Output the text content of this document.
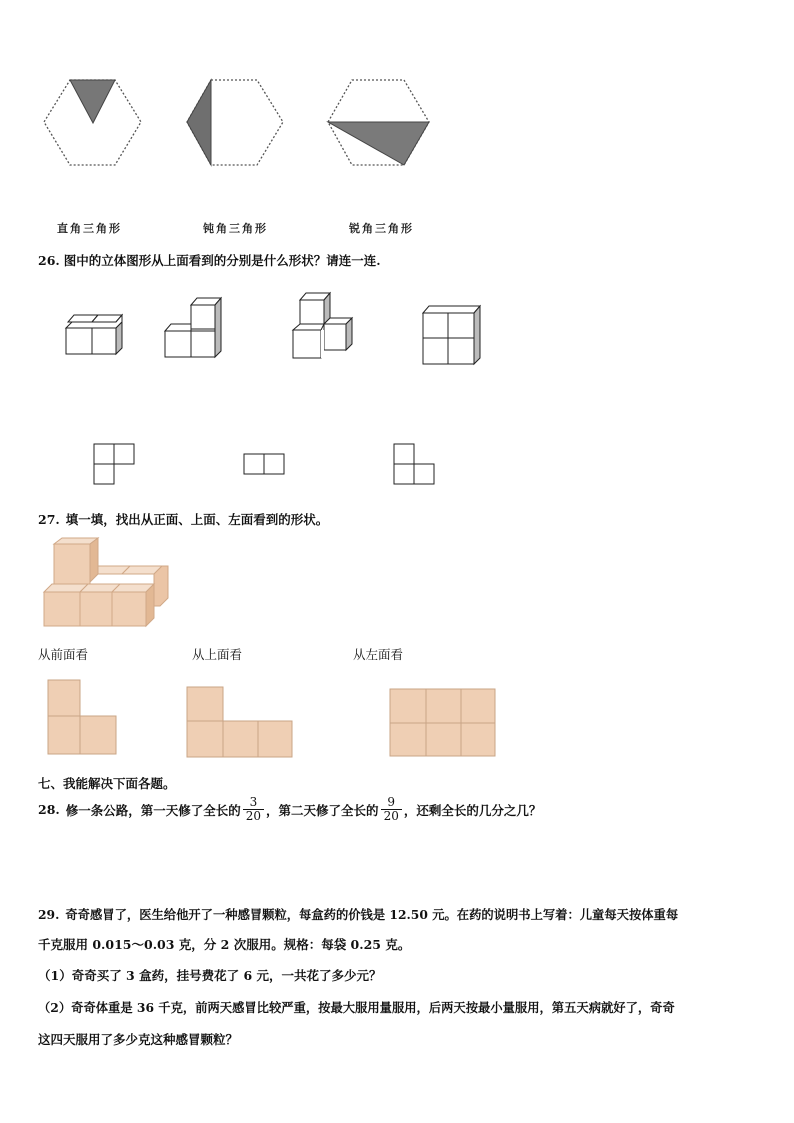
直角三角形	钝角三角形	锐角三角形
26. 图中的立体图形从上面看到的分别是什么形状？请连一连.
27. 填一填，找出从正面、上面、左面看到的形状。
从前面看	从上面看	从左面看
七、我能解决下面各题。
28. 修一条公路，第一天修了全长的 $\frac{3}{20}$ ，第二天修了全长的 $\frac{9}{20}$ ，还剩全长的几分之几？
29. 奇奇感冒了，医生给他开了一种感冒颗粒，每盒药的价钱是 12.50 元。在药的说明书上写着：儿童每天按体重每
千克服用 0.015～0.03 克，分 2 次服用。规格：每袋 0.25 克。
（1）奇奇买了 3 盒药，挂号费花了 6 元，一共花了多少元？
（2）奇奇体重是 36 千克，前两天感冒比较严重，按最大服用量服用，后两天按最小量服用，第五天病就好了，奇奇
这四天服用了多少克这种感冒颗粒？
